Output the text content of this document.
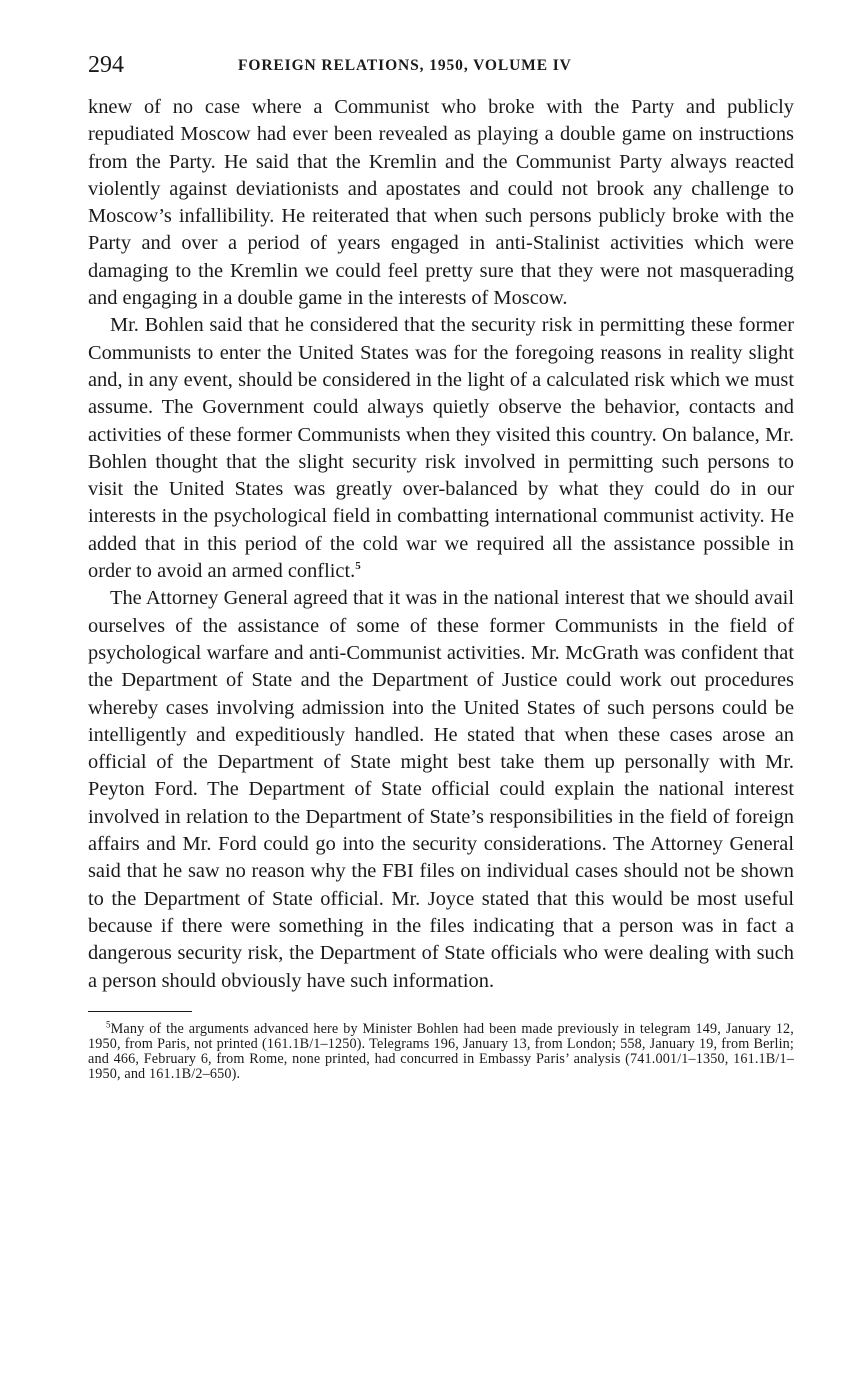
294	FOREIGN RELATIONS, 1950, VOLUME IV

knew of no case where a Communist who broke with the Party and publicly repudiated Moscow had ever been revealed as playing a double game on instructions from the Party. He said that the Kremlin and the Communist Party always reacted violently against deviationists and apostates and could not brook any challenge to Moscow’s infallibility. He reiterated that when such persons publicly broke with the Party and over a period of years engaged in anti-Stalinist activities which were damaging to the Kremlin we could feel pretty sure that they were not masquerading and engaging in a double game in the interests of Moscow.

Mr. Bohlen said that he considered that the security risk in permitting these former Communists to enter the United States was for the foregoing reasons in reality slight and, in any event, should be considered in the light of a calculated risk which we must assume. The Government could always quietly observe the behavior, contacts and activities of these former Communists when they visited this country. On balance, Mr. Bohlen thought that the slight security risk involved in permitting such persons to visit the United States was greatly over-balanced by what they could do in our interests in the psychological field in combatting international communist activity. He added that in this period of the cold war we required all the assistance possible in order to avoid an armed conflict.$^5$

The Attorney General agreed that it was in the national interest that we should avail ourselves of the assistance of some of these former Communists in the field of psychological warfare and anti-Communist activities. Mr. McGrath was confident that the Department of State and the Department of Justice could work out procedures whereby cases involving admission into the United States of such persons could be intelligently and expeditiously handled. He stated that when these cases arose an official of the Department of State might best take them up personally with Mr. Peyton Ford. The Department of State official could explain the national interest involved in relation to the Department of State’s responsibilities in the field of foreign affairs and Mr. Ford could go into the security considerations. The Attorney General said that he saw no reason why the FBI files on individual cases should not be shown to the Department of State official. Mr. Joyce stated that this would be most useful because if there were something in the files indicating that a person was in fact a dangerous security risk, the Department of State officials who were dealing with such a person should obviously have such information.

$^5$Many of the arguments advanced here by Minister Bohlen had been made previously in telegram 149, January 12, 1950, from Paris, not printed (161.1B/1–1250). Telegrams 196, January 13, from London; 558, January 19, from Berlin; and 466, February 6, from Rome, none printed, had concurred in Embassy Paris’ analysis (741.001/1–1350, 161.1B/1–1950, and 161.1B/2–650).
